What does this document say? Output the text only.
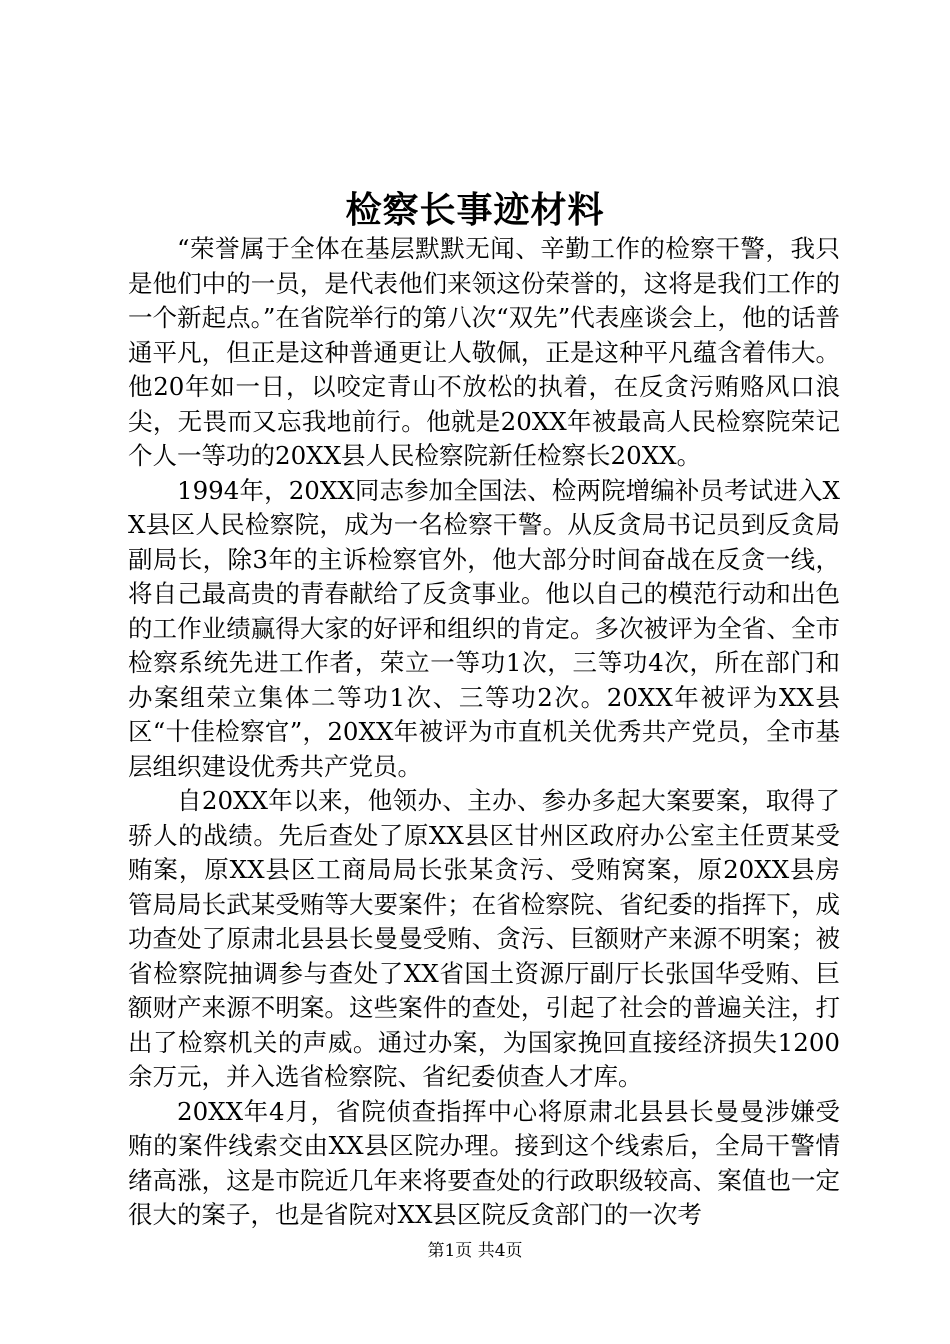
检察长事迹材料

“荣誉属于全体在基层默默无闻、辛勤工作的检察干警，我只是他们中的一员，是代表他们来领这份荣誉的，这将是我们工作的一个新起点。”在省院举行的第八次“双先”代表座谈会上，他的话普通平凡，但正是这种普通更让人敬佩，正是这种平凡蕴含着伟大。他20年如一日，以咬定青山不放松的执着，在反贪污贿赂风口浪尖，无畏而又忘我地前行。他就是20XX年被最高人民检察院荣记个人一等功的20XX县人民检察院新任检察长20XX。

1994年，20XX同志参加全国法、检两院增编补员考试进入XX县区人民检察院，成为一名检察干警。从反贪局书记员到反贪局副局长，除3年的主诉检察官外，他大部分时间奋战在反贪一线，将自己最高贵的青春献给了反贪事业。他以自己的模范行动和出色的工作业绩赢得大家的好评和组织的肯定。多次被评为全省、全市检察系统先进工作者，荣立一等功1次，三等功4次，所在部门和办案组荣立集体二等功1次、三等功2次。20XX年被评为XX县区“十佳检察官”，20XX年被评为市直机关优秀共产党员，全市基层组织建设优秀共产党员。

自20XX年以来，他领办、主办、参办多起大案要案，取得了骄人的战绩。先后查处了原XX县区甘州区政府办公室主任贾某受贿案，原XX县区工商局局长张某贪污、受贿窝案，原20XX县房管局局长武某受贿等大要案件；在省检察院、省纪委的指挥下，成功查处了原肃北县县长曼曼受贿、贪污、巨额财产来源不明案；被省检察院抽调参与查处了XX省国土资源厅副厅长张国华受贿、巨额财产来源不明案。这些案件的查处，引起了社会的普遍关注，打出了检察机关的声威。通过办案，为国家挽回直接经济损失1200余万元，并入选省检察院、省纪委侦查人才库。

20XX年4月，省院侦查指挥中心将原肃北县县长曼曼涉嫌受贿的案件线索交由XX县区院办理。接到这个线索后，全局干警情绪高涨，这是市院近几年来将要查处的行政职级较高、案值也一定很大的案子，也是省院对XX县区院反贪部门的一次考

第1页 共4页
